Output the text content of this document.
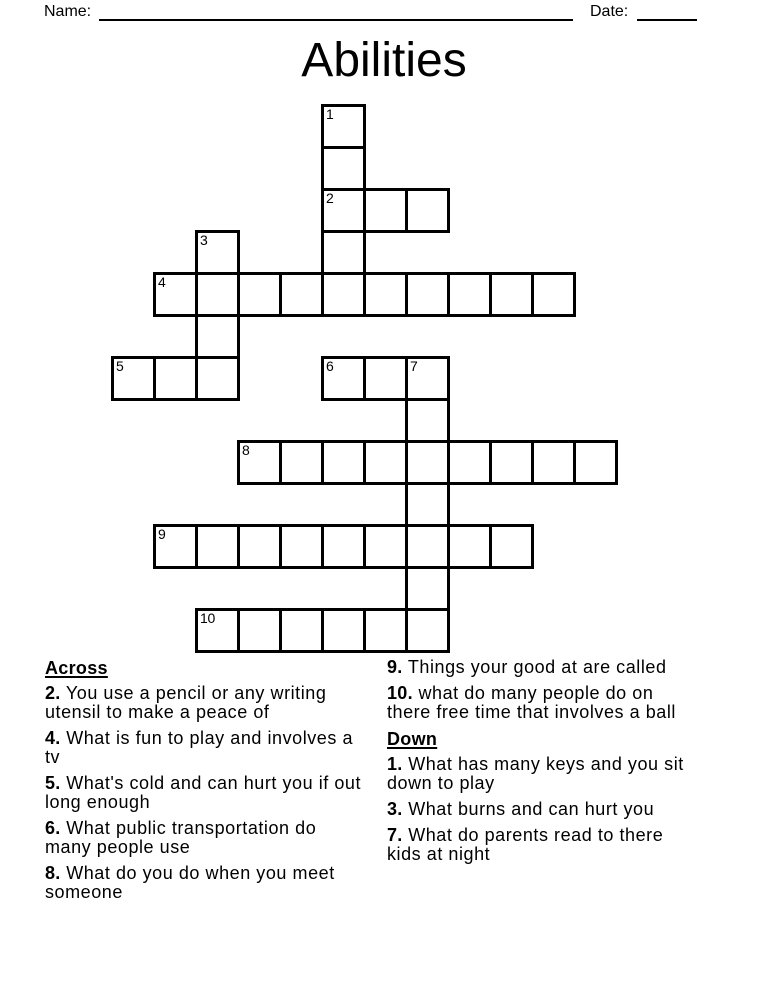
Name:	Date:
Abilities
1
2
3
4
5	6	7
8
9
10

Across

2. You use a pencil or any writing utensil to make a peace of

4. What is fun to play and involves a tv

5. What's cold and can hurt you if out long enough

6. What public transportation do many people use

8. What do you do when you meet someone

9. Things your good at are called

10. what do many people do on there free time that involves a ball

Down

1. What has many keys and you sit down to play

3. What burns and can hurt you

7. What do parents read to there kids at night
